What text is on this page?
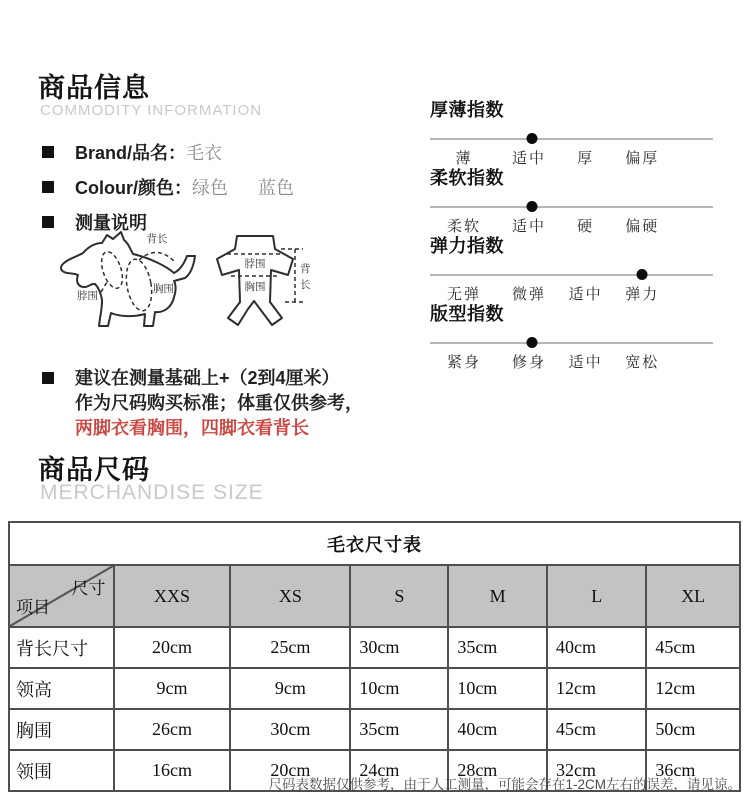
商品信息
COMMODITY INFORMATION
Brand/品名： 毛衣
Colour/颜色： 绿色 蓝色
测量说明
背长
脖围
胸围
脖围
胸围
背
长
建议在测量基础上+（2到4厘米）
作为尺码购买标准；体重仅供参考，
两脚衣看胸围，四脚衣看背长
厚薄指数
薄	适中 厚 偏厚
柔软指数
柔软 适中 硬 偏硬
弹力指数
无弹 微弹 适中 弹力
版型指数
紧身 修身 适中 宽松
商品尺码
MERCHANDISE SIZE
毛衣尺寸表						

尺寸
项目	XXS	XS	S	M	L	XL
背长尺寸	20cm	25cm	30cm	35cm	40cm	45cm
领高	9cm	9cm	10cm	10cm	12cm	12cm
胸围	26cm	30cm	35cm	40cm	45cm	50cm
领围	16cm	20cm	24cm	28cm	32cm	36cm
尺码表数据仅供参考，由于人工测量，可能会存在1-2CM左右的误差，请见谅。
